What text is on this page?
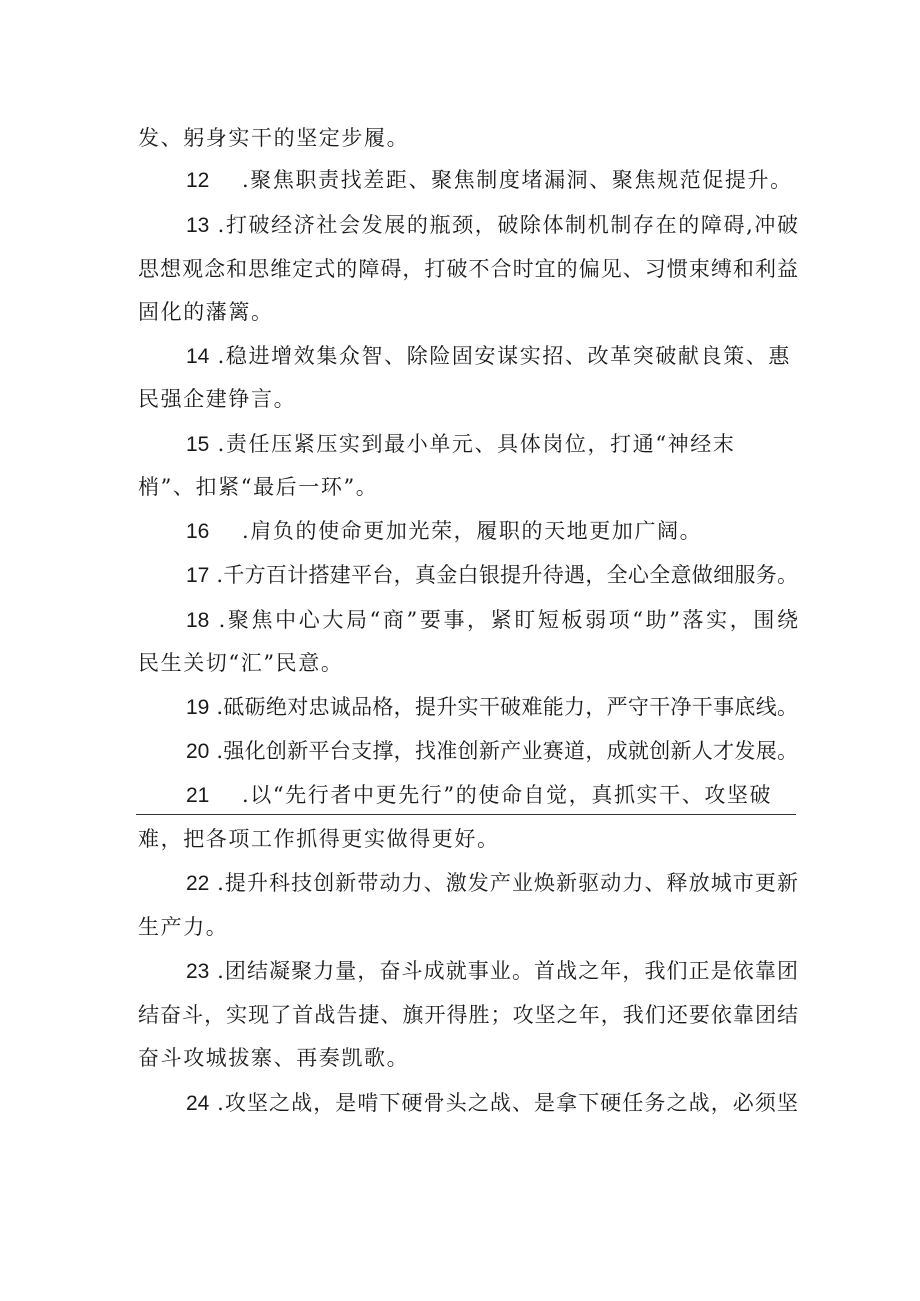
发、躬身实干的坚定步履。
12 .聚焦职责找差距、聚焦制度堵漏洞、聚焦规范促提升。
13 .打破经济社会发展的瓶颈，破除体制机制存在的障碍,冲破
思想观念和思维定式的障碍，打破不合时宜的偏见、习惯束缚和利益
固化的藩篱。
14 .稳进增效集众智、除险固安谋实招、改革突破献良策、惠
民强企建铮言。
15 .责任压紧压实到最小单元、具体岗位，打通“神经末
梢”、扣紧“最后一环”。
16 .肩负的使命更加光荣，履职的天地更加广阔。
17 .千方百计搭建平台，真金白银提升待遇，全心全意做细服务。
18 .聚焦中心大局“商”要事，紧盯短板弱项“助”落实，围绕
民生关切“汇”民意。
19 .砥砺绝对忠诚品格，提升实干破难能力，严守干净干事底线。
20 .强化创新平台支撑，找准创新产业赛道，成就创新人才发展。
21 .以“先行者中更先行”的使命自觉，真抓实干、攻坚破
难，把各项工作抓得更实做得更好。
22 .提升科技创新带动力、激发产业焕新驱动力、释放城市更新
生产力。
23 .团结凝聚力量，奋斗成就事业。首战之年，我们正是依靠团
结奋斗，实现了首战告捷、旗开得胜；攻坚之年，我们还要依靠团结
奋斗攻城拔寨、再奏凯歌。
24 .攻坚之战，是啃下硬骨头之战、是拿下硬任务之战，必须坚
